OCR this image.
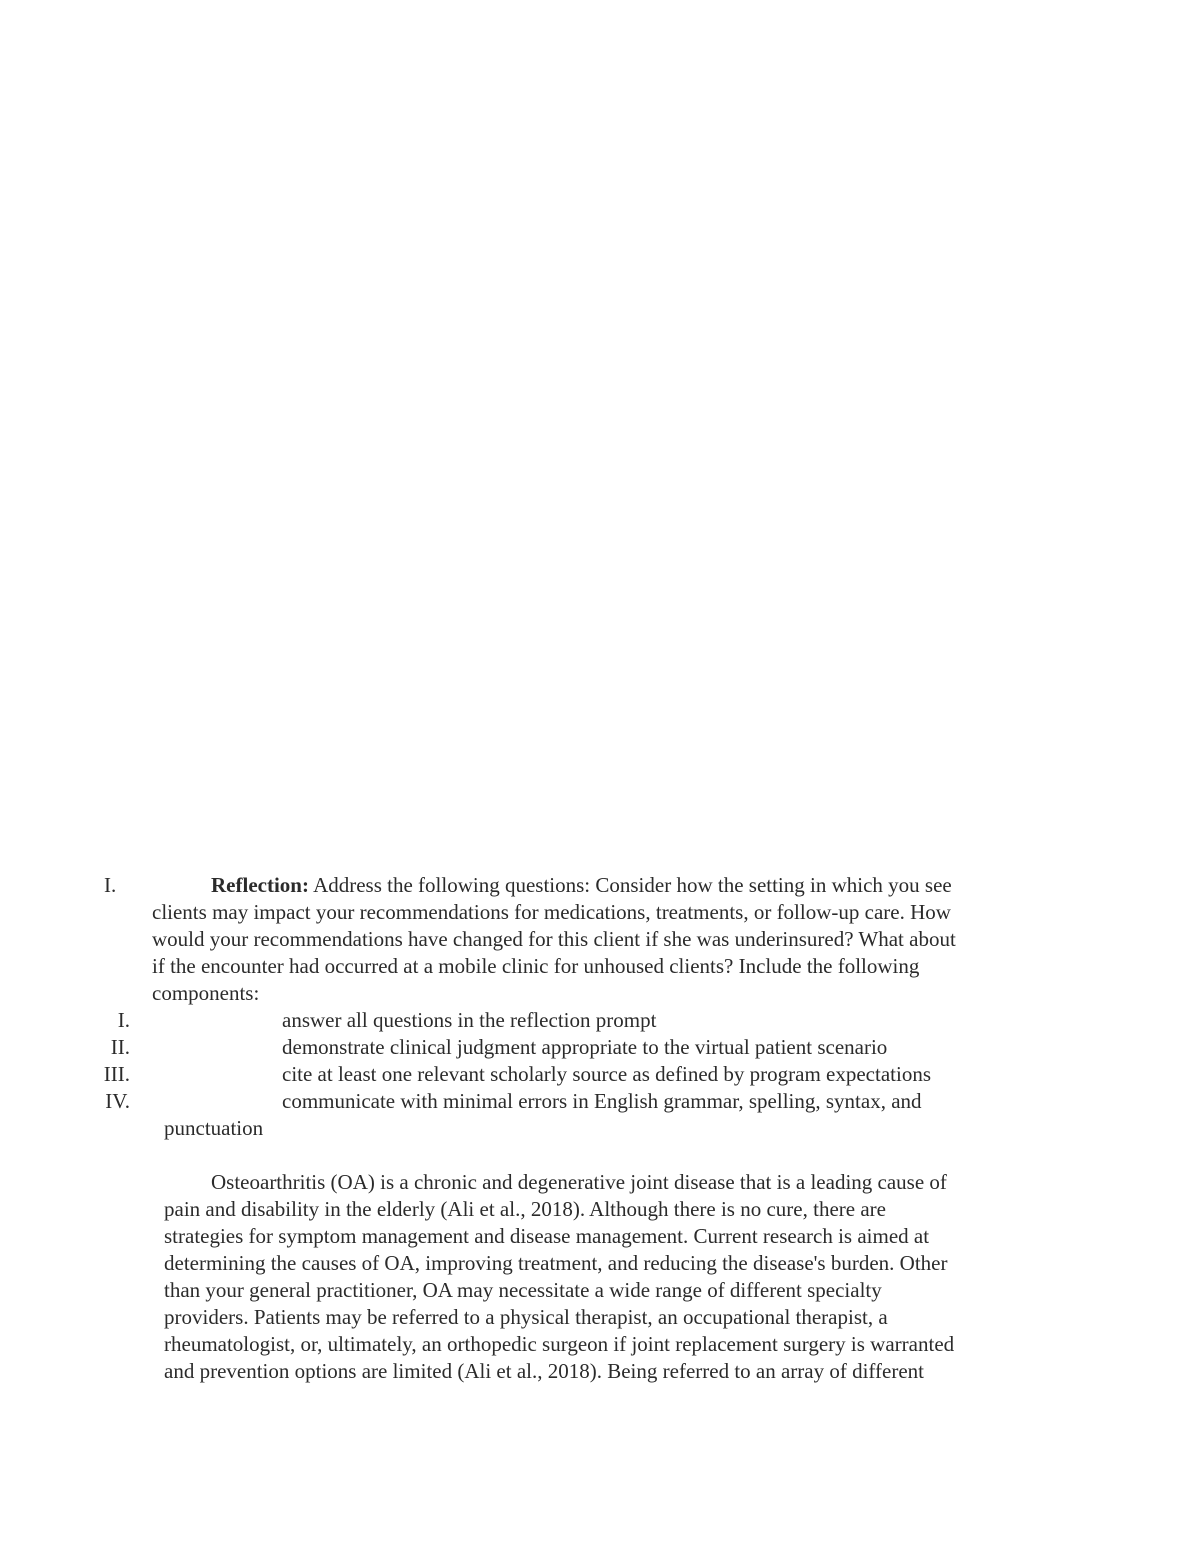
I.	Reflection: Address the following questions: Consider how the setting in which you see
clients may impact your recommendations for medications, treatments, or follow-up care. How
would your recommendations have changed for this client if she was underinsured? What about
if the encounter had occurred at a mobile clinic for unhoused clients? Include the following
components:
I.	answer all questions in the reflection prompt
II.	demonstrate clinical judgment appropriate to the virtual patient scenario
III.	cite at least one relevant scholarly source as defined by program expectations
IV.	communicate with minimal errors in English grammar, spelling, syntax, and
punctuation
Osteoarthritis (OA) is a chronic and degenerative joint disease that is a leading cause of
pain and disability in the elderly (Ali et al., 2018). Although there is no cure, there are
strategies for symptom management and disease management. Current research is aimed at
determining the causes of OA, improving treatment, and reducing the disease's burden. Other
than your general practitioner, OA may necessitate a wide range of different specialty
providers. Patients may be referred to a physical therapist, an occupational therapist, a
rheumatologist, or, ultimately, an orthopedic surgeon if joint replacement surgery is warranted
and prevention options are limited (Ali et al., 2018). Being referred to an array of different
